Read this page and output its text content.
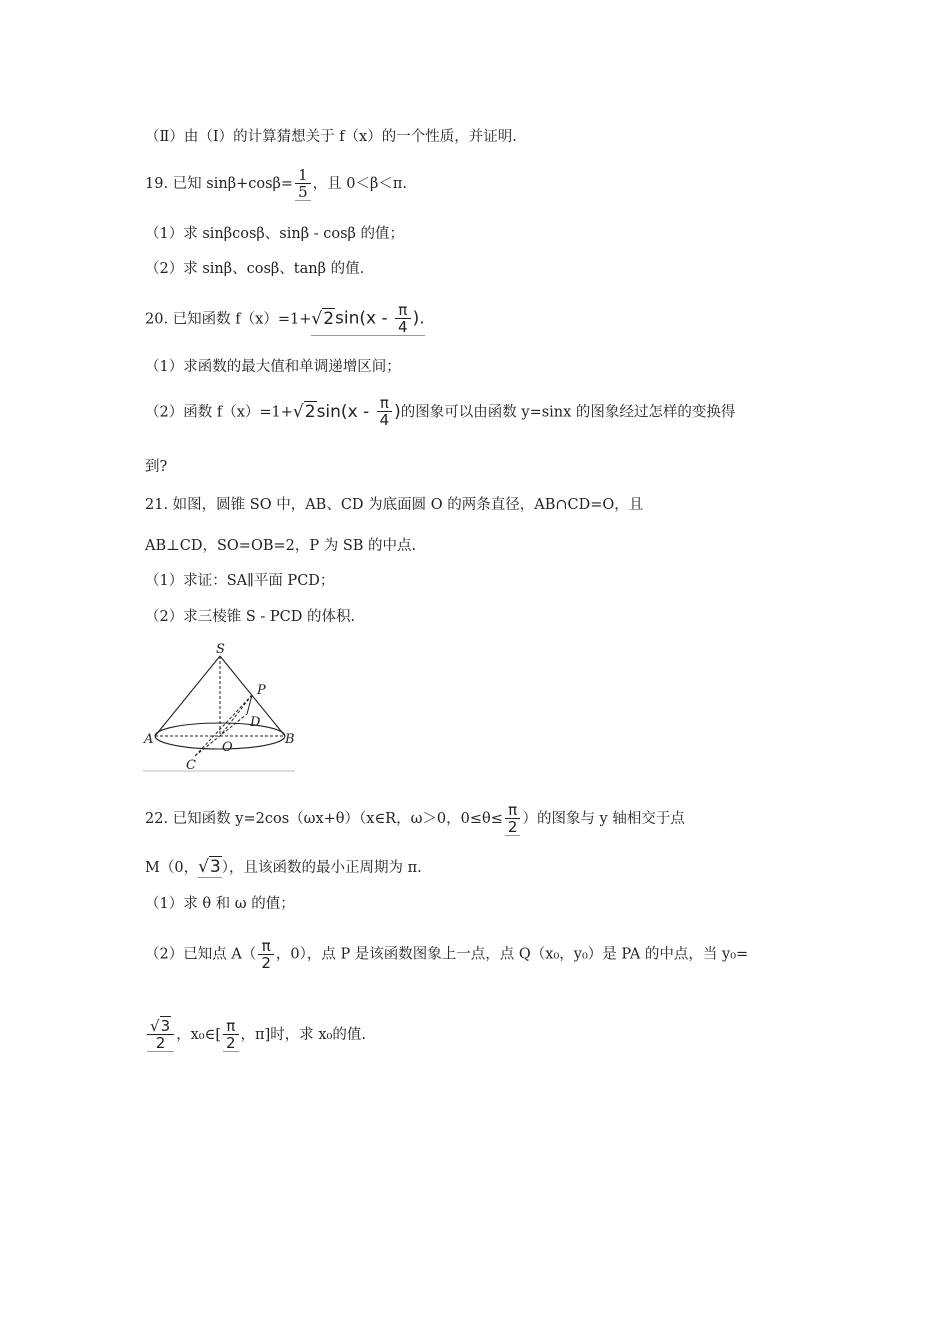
（Ⅱ）由（Ⅰ）的计算猜想关于 f（x）的一个性质，并证明.
19. 已知 $\sin\beta+\cos\beta= \frac{1}{5}$ ，且 0＜β＜π.
（1）求 sinβcosβ、sinβ - cosβ 的值；
（2）求 sinβ、cosβ、tanβ 的值.
20. 已知函数 $f(x)=1+√2\sin(x - \frac{\pi}{4}$ ).
（1）求函数的最大值和单调递增区间；
（2）函数 $f(x)=1+√2\sin(x - \frac{\pi}{4}$ )的图象可以由函数 y=sinx 的图象经过怎样的变换得
到?
21. 如图，圆锥 SO 中，AB、CD 为底面圆 O 的两条直径，AB∩CD=O，且
AB⊥CD，SO=OB=2，P 为 SB 的中点.
（1）求证：SA∥平面 PCD；
（2）求三棱锥 S - PCD 的体积.
S
P
D
A
O
B
C
22. 已知函数 y=2cos（ωx+θ）（x∈R，ω＞0，$0\le\theta\le \frac{\pi}{2}$ ）的图象与 y 轴相交于点
M（0，√3），且该函数的最小正周期为 π.
（1）求 θ 和 ω 的值；
（2）已知点 $A( \frac{\pi}{2}$ ，0），点 P 是该函数图象上一点，点 Q（x₀，y₀）是 PA 的中点，当 y₀=
$\frac{√3}{2}$ ，x₀∈[ $\frac{\pi}{2}$ ，π]时，求 x₀的值.
